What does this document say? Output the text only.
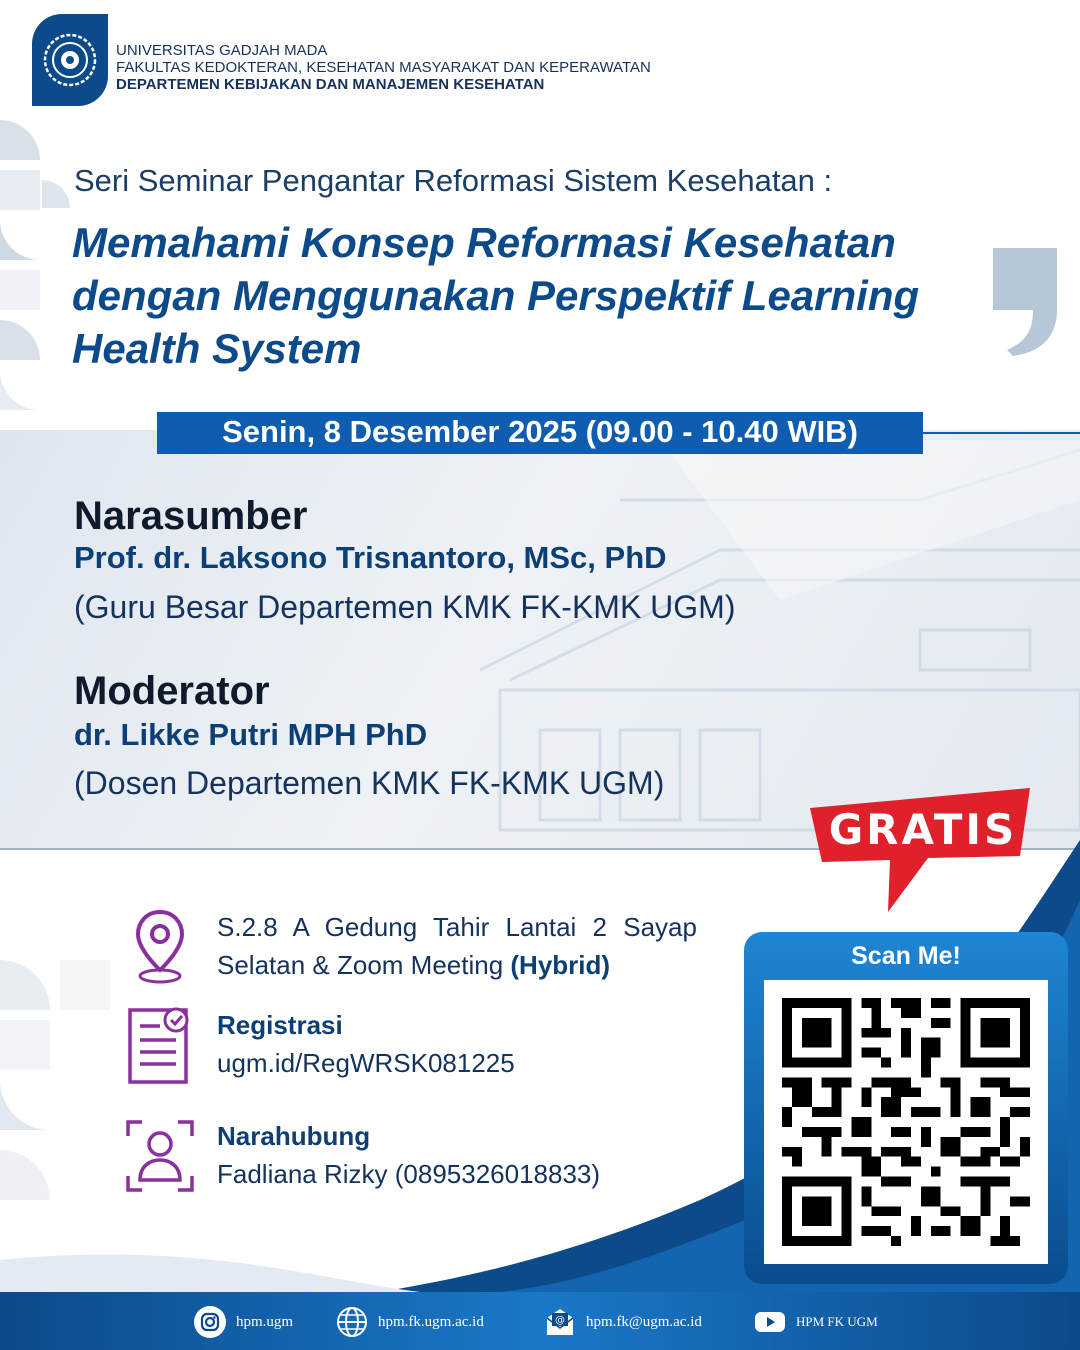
UNIVERSITAS GADJAH MADA
FAKULTAS KEDOKTERAN, KESEHATAN MASYARAKAT DAN KEPERAWATAN
DEPARTEMEN KEBIJAKAN DAN MANAJEMEN KESEHATAN
Seri Seminar Pengantar Reformasi Sistem Kesehatan :
Memahami Konsep Reformasi Kesehatan
dengan Menggunakan Perspektif Learning
Health System
Senin, 8 Desember 2025 (09.00 - 10.40 WIB)
Narasumber
Prof. dr. Laksono Trisnantoro, MSc, PhD
(Guru Besar Departemen KMK FK-KMK UGM)
Moderator
dr. Likke Putri MPH PhD
(Dosen Departemen KMK FK-KMK UGM)
GRATIS
S.2.8 A Gedung Tahir Lantai 2 Sayap
Selatan & Zoom Meeting (Hybrid)
Registrasi
ugm.id/RegWRSK081225
Narahubung
Fadliana Rizky (0895326018833)
Scan Me!
hpm.ugm	hpm.fk.ugm.ac.id	@ hpm.fk@ugm.ac.id	HPM FK UGM
